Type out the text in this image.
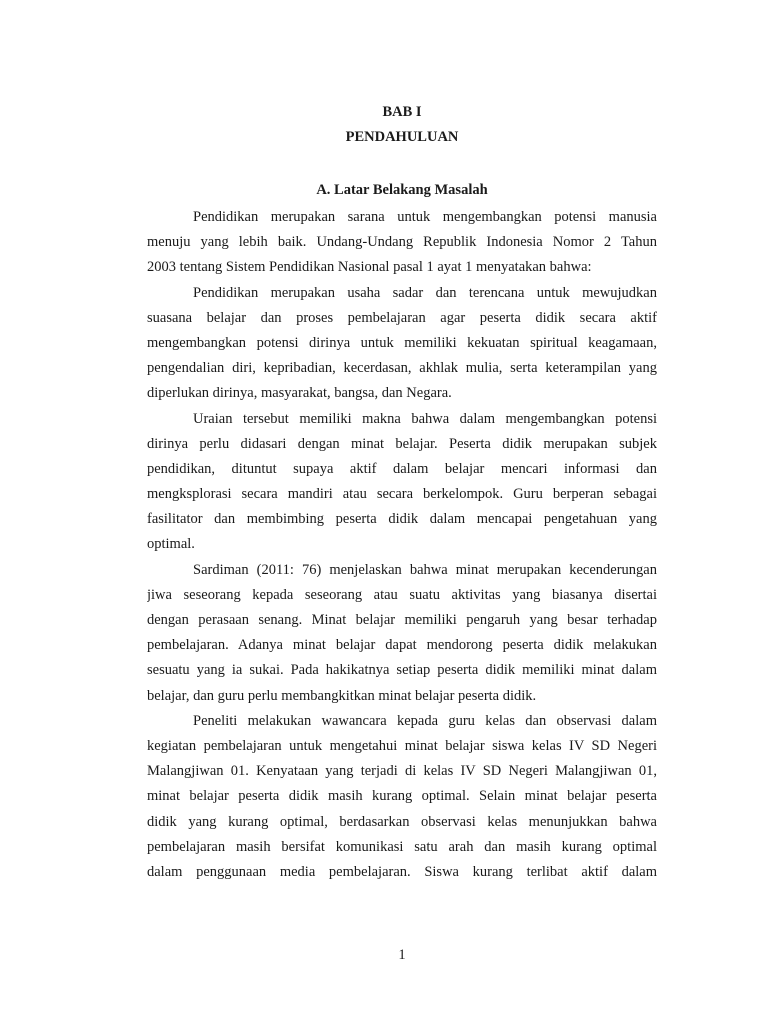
BAB I
PENDAHULUAN
A. Latar Belakang Masalah
Pendidikan merupakan sarana untuk mengembangkan potensi manusia
menuju yang lebih baik. Undang-Undang Republik Indonesia Nomor 2 Tahun
2003 tentang Sistem Pendidikan Nasional pasal 1 ayat 1 menyatakan bahwa:
Pendidikan merupakan usaha sadar dan terencana untuk mewujudkan
suasana belajar dan proses pembelajaran agar peserta didik secara aktif
mengembangkan potensi dirinya untuk memiliki kekuatan spiritual keagamaan,
pengendalian diri, kepribadian, kecerdasan, akhlak mulia, serta keterampilan yang
diperlukan dirinya, masyarakat, bangsa, dan Negara.
Uraian tersebut memiliki makna bahwa dalam mengembangkan potensi
dirinya perlu didasari dengan minat belajar. Peserta didik merupakan subjek
pendidikan, dituntut supaya aktif dalam belajar mencari informasi dan
mengksplorasi secara mandiri atau secara berkelompok. Guru berperan sebagai
fasilitator dan membimbing peserta didik dalam mencapai pengetahuan yang
optimal.
Sardiman (2011: 76) menjelaskan bahwa minat merupakan kecenderungan
jiwa seseorang kepada seseorang atau suatu aktivitas yang biasanya disertai
dengan perasaan senang. Minat belajar memiliki pengaruh yang besar terhadap
pembelajaran. Adanya minat belajar dapat mendorong peserta didik melakukan
sesuatu yang ia sukai. Pada hakikatnya setiap peserta didik memiliki minat dalam
belajar, dan guru perlu membangkitkan minat belajar peserta didik.
Peneliti melakukan wawancara kepada guru kelas dan observasi dalam
kegiatan pembelajaran untuk mengetahui minat belajar siswa kelas IV SD Negeri
Malangjiwan 01. Kenyataan yang terjadi di kelas IV SD Negeri Malangjiwan 01,
minat belajar peserta didik masih kurang optimal. Selain minat belajar peserta
didik yang kurang optimal, berdasarkan observasi kelas menunjukkan bahwa
pembelajaran masih bersifat komunikasi satu arah dan masih kurang optimal
dalam penggunaan media pembelajaran. Siswa kurang terlibat aktif dalam
1
